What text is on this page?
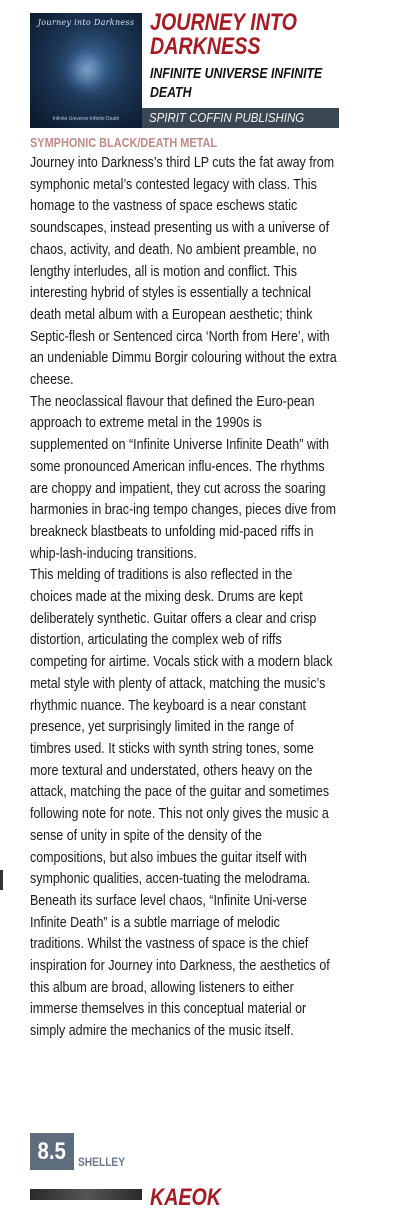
Journey into Darkness
Infinite Universe Infinite Death
JOURNEY INTO
DARKNESS
INFINITE UNIVERSE INFINITE DEATH
SPIRIT COFFIN PUBLISHING
SYMPHONIC BLACK/DEATH METAL

Journey into Darkness’s third LP cuts the fat away from symphonic metal’s contested legacy with class. This homage to the vastness of space eschews static soundscapes, instead presenting us with a universe of chaos, activity, and death. No ambient preamble, no lengthy interludes, all is motion and conflict. This interesting hybrid of styles is essentially a technical death metal album with a European aesthetic; think Septic-flesh or Sentenced circa ‘North from Here’, with an undeniable Dimmu Borgir colouring without the extra cheese.

The neoclassical flavour that defined the Euro-pean approach to extreme metal in the 1990s is supplemented on “Infinite Universe Infinite Death” with some pronounced American influ-ences. The rhythms are choppy and impatient, they cut across the soaring harmonies in brac-ing tempo changes, pieces dive from breakneck blastbeats to unfolding mid-paced riffs in whip-lash-inducing transitions.

This melding of traditions is also reflected in the choices made at the mixing desk. Drums are kept deliberately synthetic. Guitar offers a clear and crisp distortion, articulating the complex web of riffs competing for airtime. Vocals stick with a modern black metal style with plenty of attack, matching the music’s rhythmic nuance. The keyboard is a near constant presence, yet surprisingly limited in the range of timbres used. It sticks with synth string tones, some more textural and understated, others heavy on the attack, matching the pace of the guitar and sometimes following note for note. This not only gives the music a sense of unity in spite of the density of the compositions, but also imbues the guitar itself with symphonic qualities, accen-tuating the melodrama.

Beneath its surface level chaos, “Infinite Uni-verse Infinite Death” is a subtle marriage of melodic traditions. Whilst the vastness of space is the chief inspiration for Journey into Darkness, the aesthetics of this album are broad, allowing listeners to either immerse themselves in this conceptual material or simply admire the mechanics of the music itself.

8.5 SHELLEY
KAEOK
